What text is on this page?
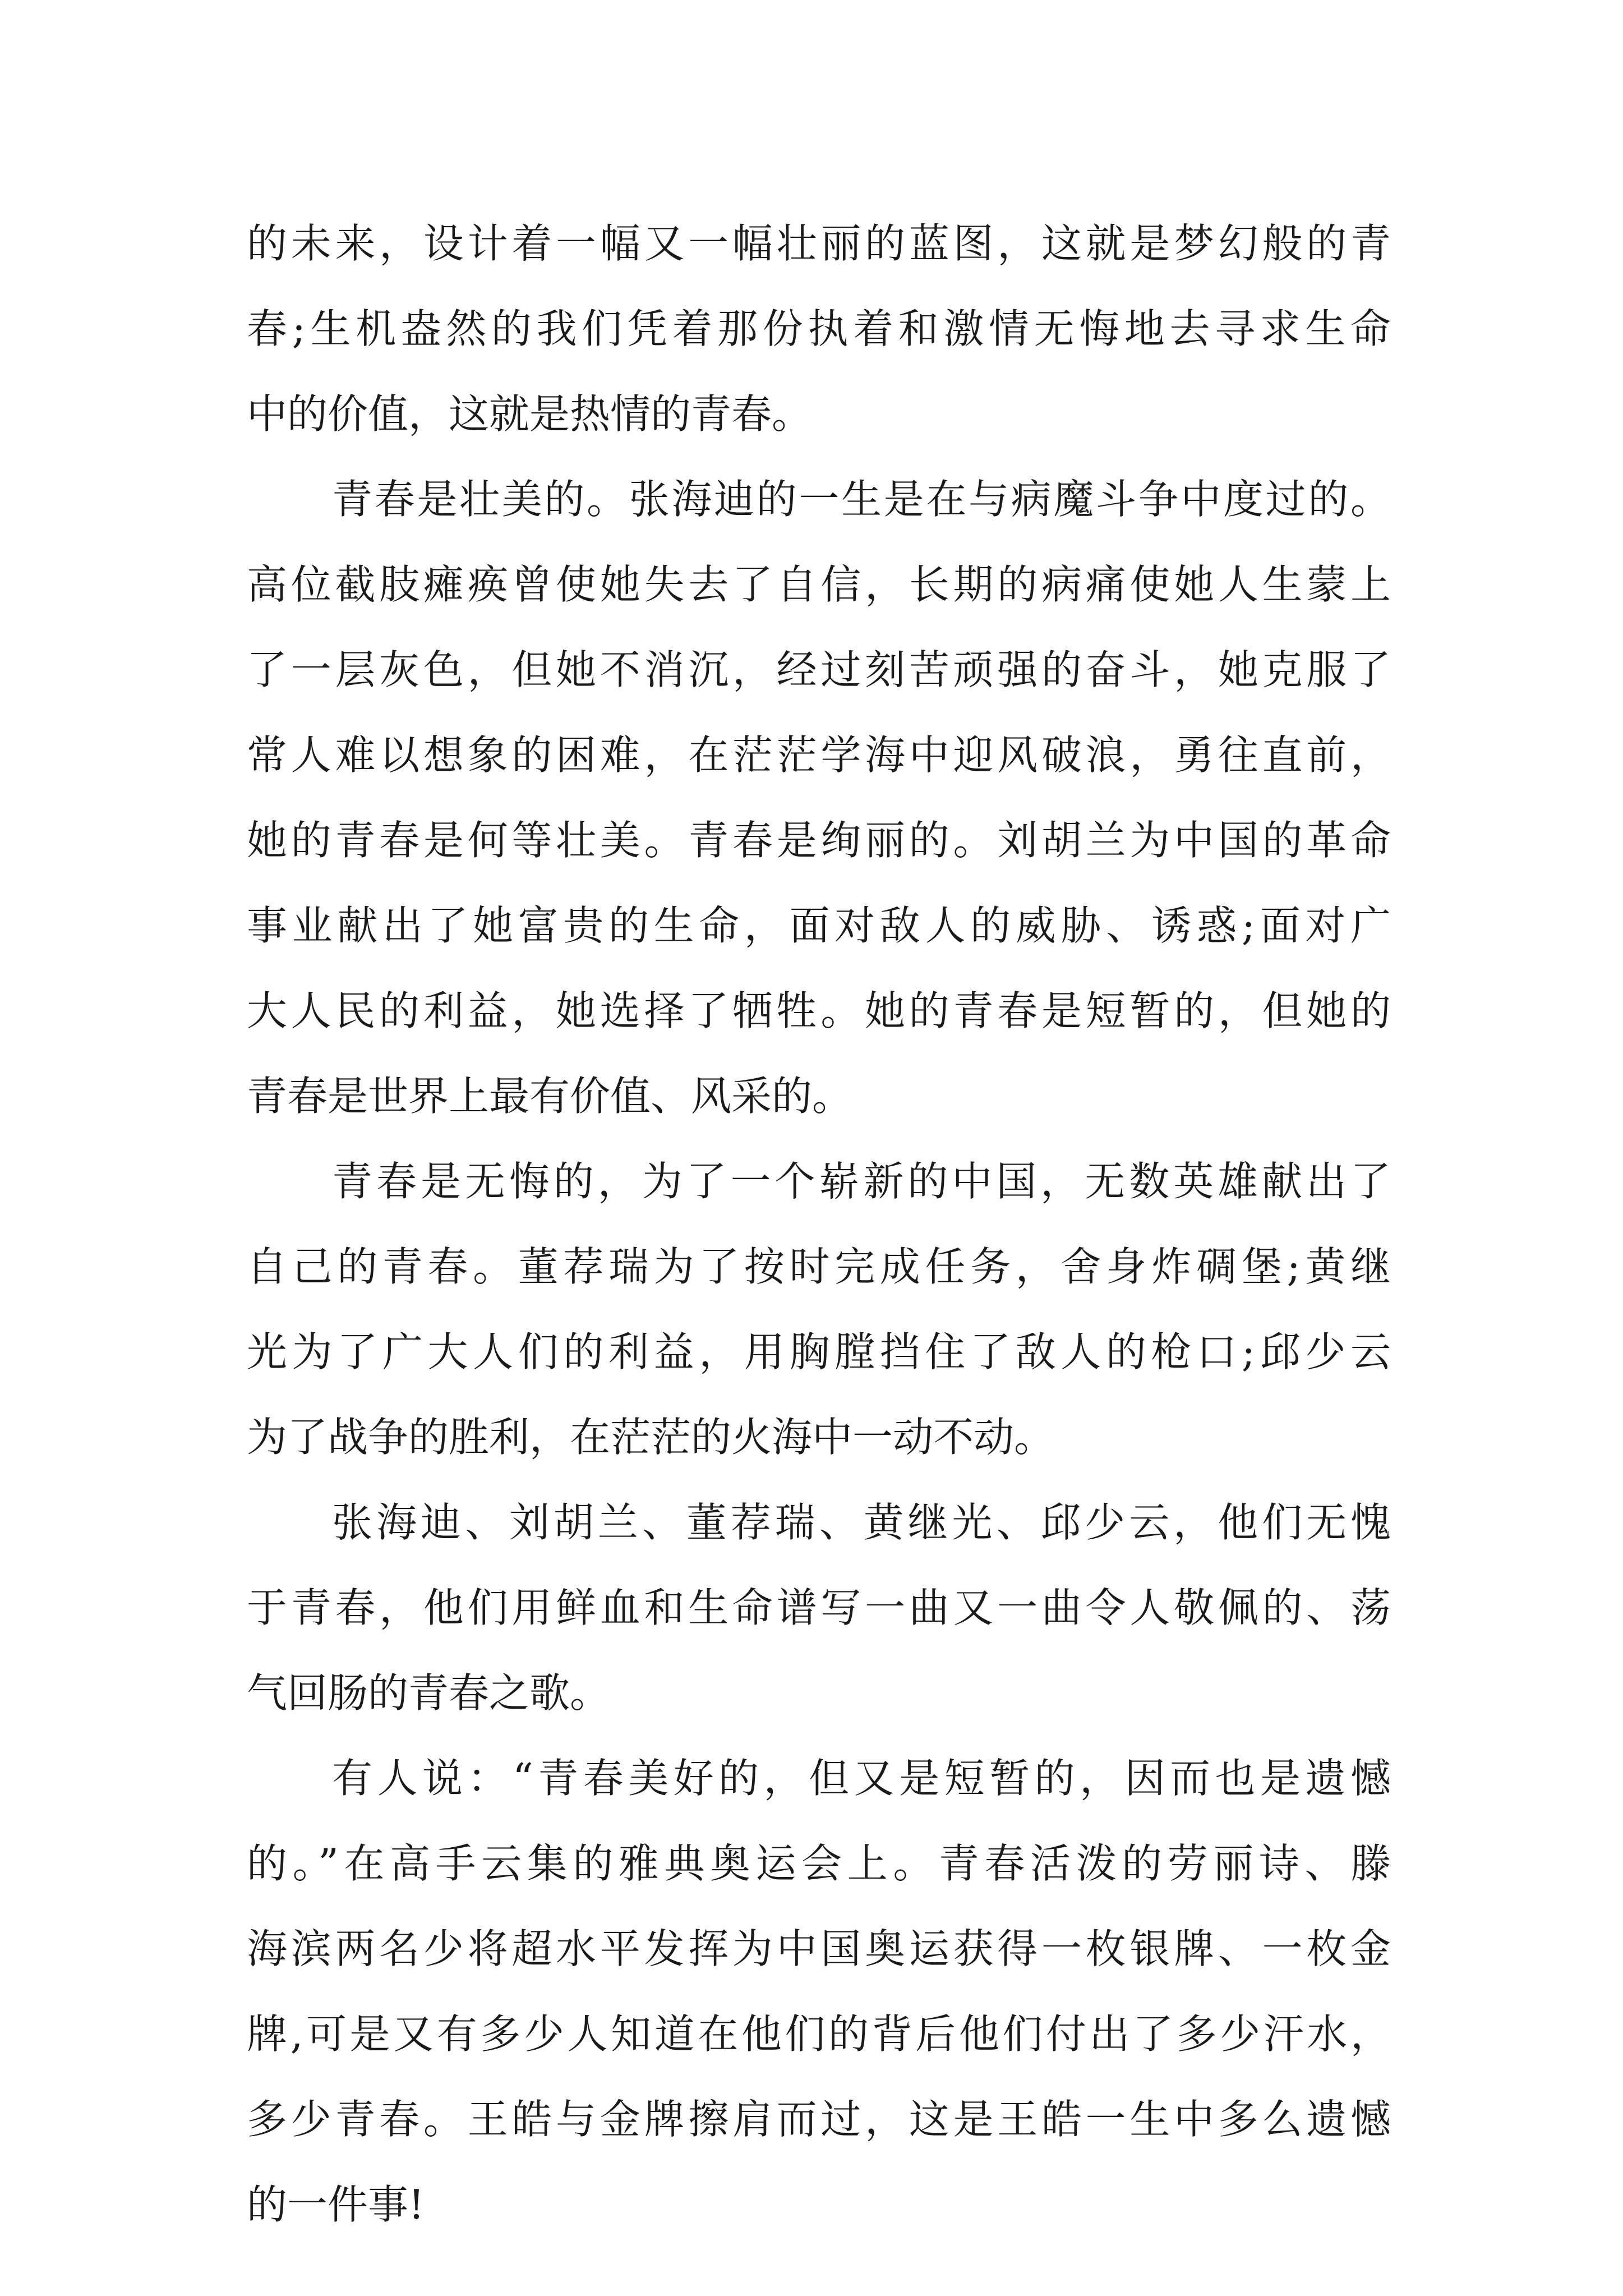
的未来，设计着一幅又一幅壮丽的蓝图，这就是梦幻般的青
春;生机盎然的我们凭着那份执着和激情无悔地去寻求生命
中的价值，这就是热情的青春。
青春是壮美的。张海迪的一生是在与病魔斗争中度过的。
高位截肢瘫痪曾使她失去了自信，长期的病痛使她人生蒙上
了一层灰色，但她不消沉，经过刻苦顽强的奋斗，她克服了
常人难以想象的困难，在茫茫学海中迎风破浪，勇往直前，
她的青春是何等壮美。青春是绚丽的。刘胡兰为中国的革命
事业献出了她富贵的生命，面对敌人的威胁、诱惑;面对广
大人民的利益，她选择了牺牲。她的青春是短暂的，但她的
青春是世界上最有价值、风采的。
青春是无悔的，为了一个崭新的中国，无数英雄献出了
自己的青春。董荐瑞为了按时完成任务，舍身炸碉堡;黄继
光为了广大人们的利益，用胸膛挡住了敌人的枪口;邱少云
为了战争的胜利，在茫茫的火海中一动不动。
张海迪、刘胡兰、董荐瑞、黄继光、邱少云，他们无愧
于青春，他们用鲜血和生命谱写一曲又一曲令人敬佩的、荡
气回肠的青春之歌。
有人说：“青春美好的，但又是短暂的，因而也是遗憾
的。”在高手云集的雅典奥运会上。青春活泼的劳丽诗、滕
海滨两名少将超水平发挥为中国奥运获得一枚银牌、一枚金
牌,可是又有多少人知道在他们的背后他们付出了多少汗水，
多少青春。王皓与金牌擦肩而过，这是王皓一生中多么遗憾
的一件事!
